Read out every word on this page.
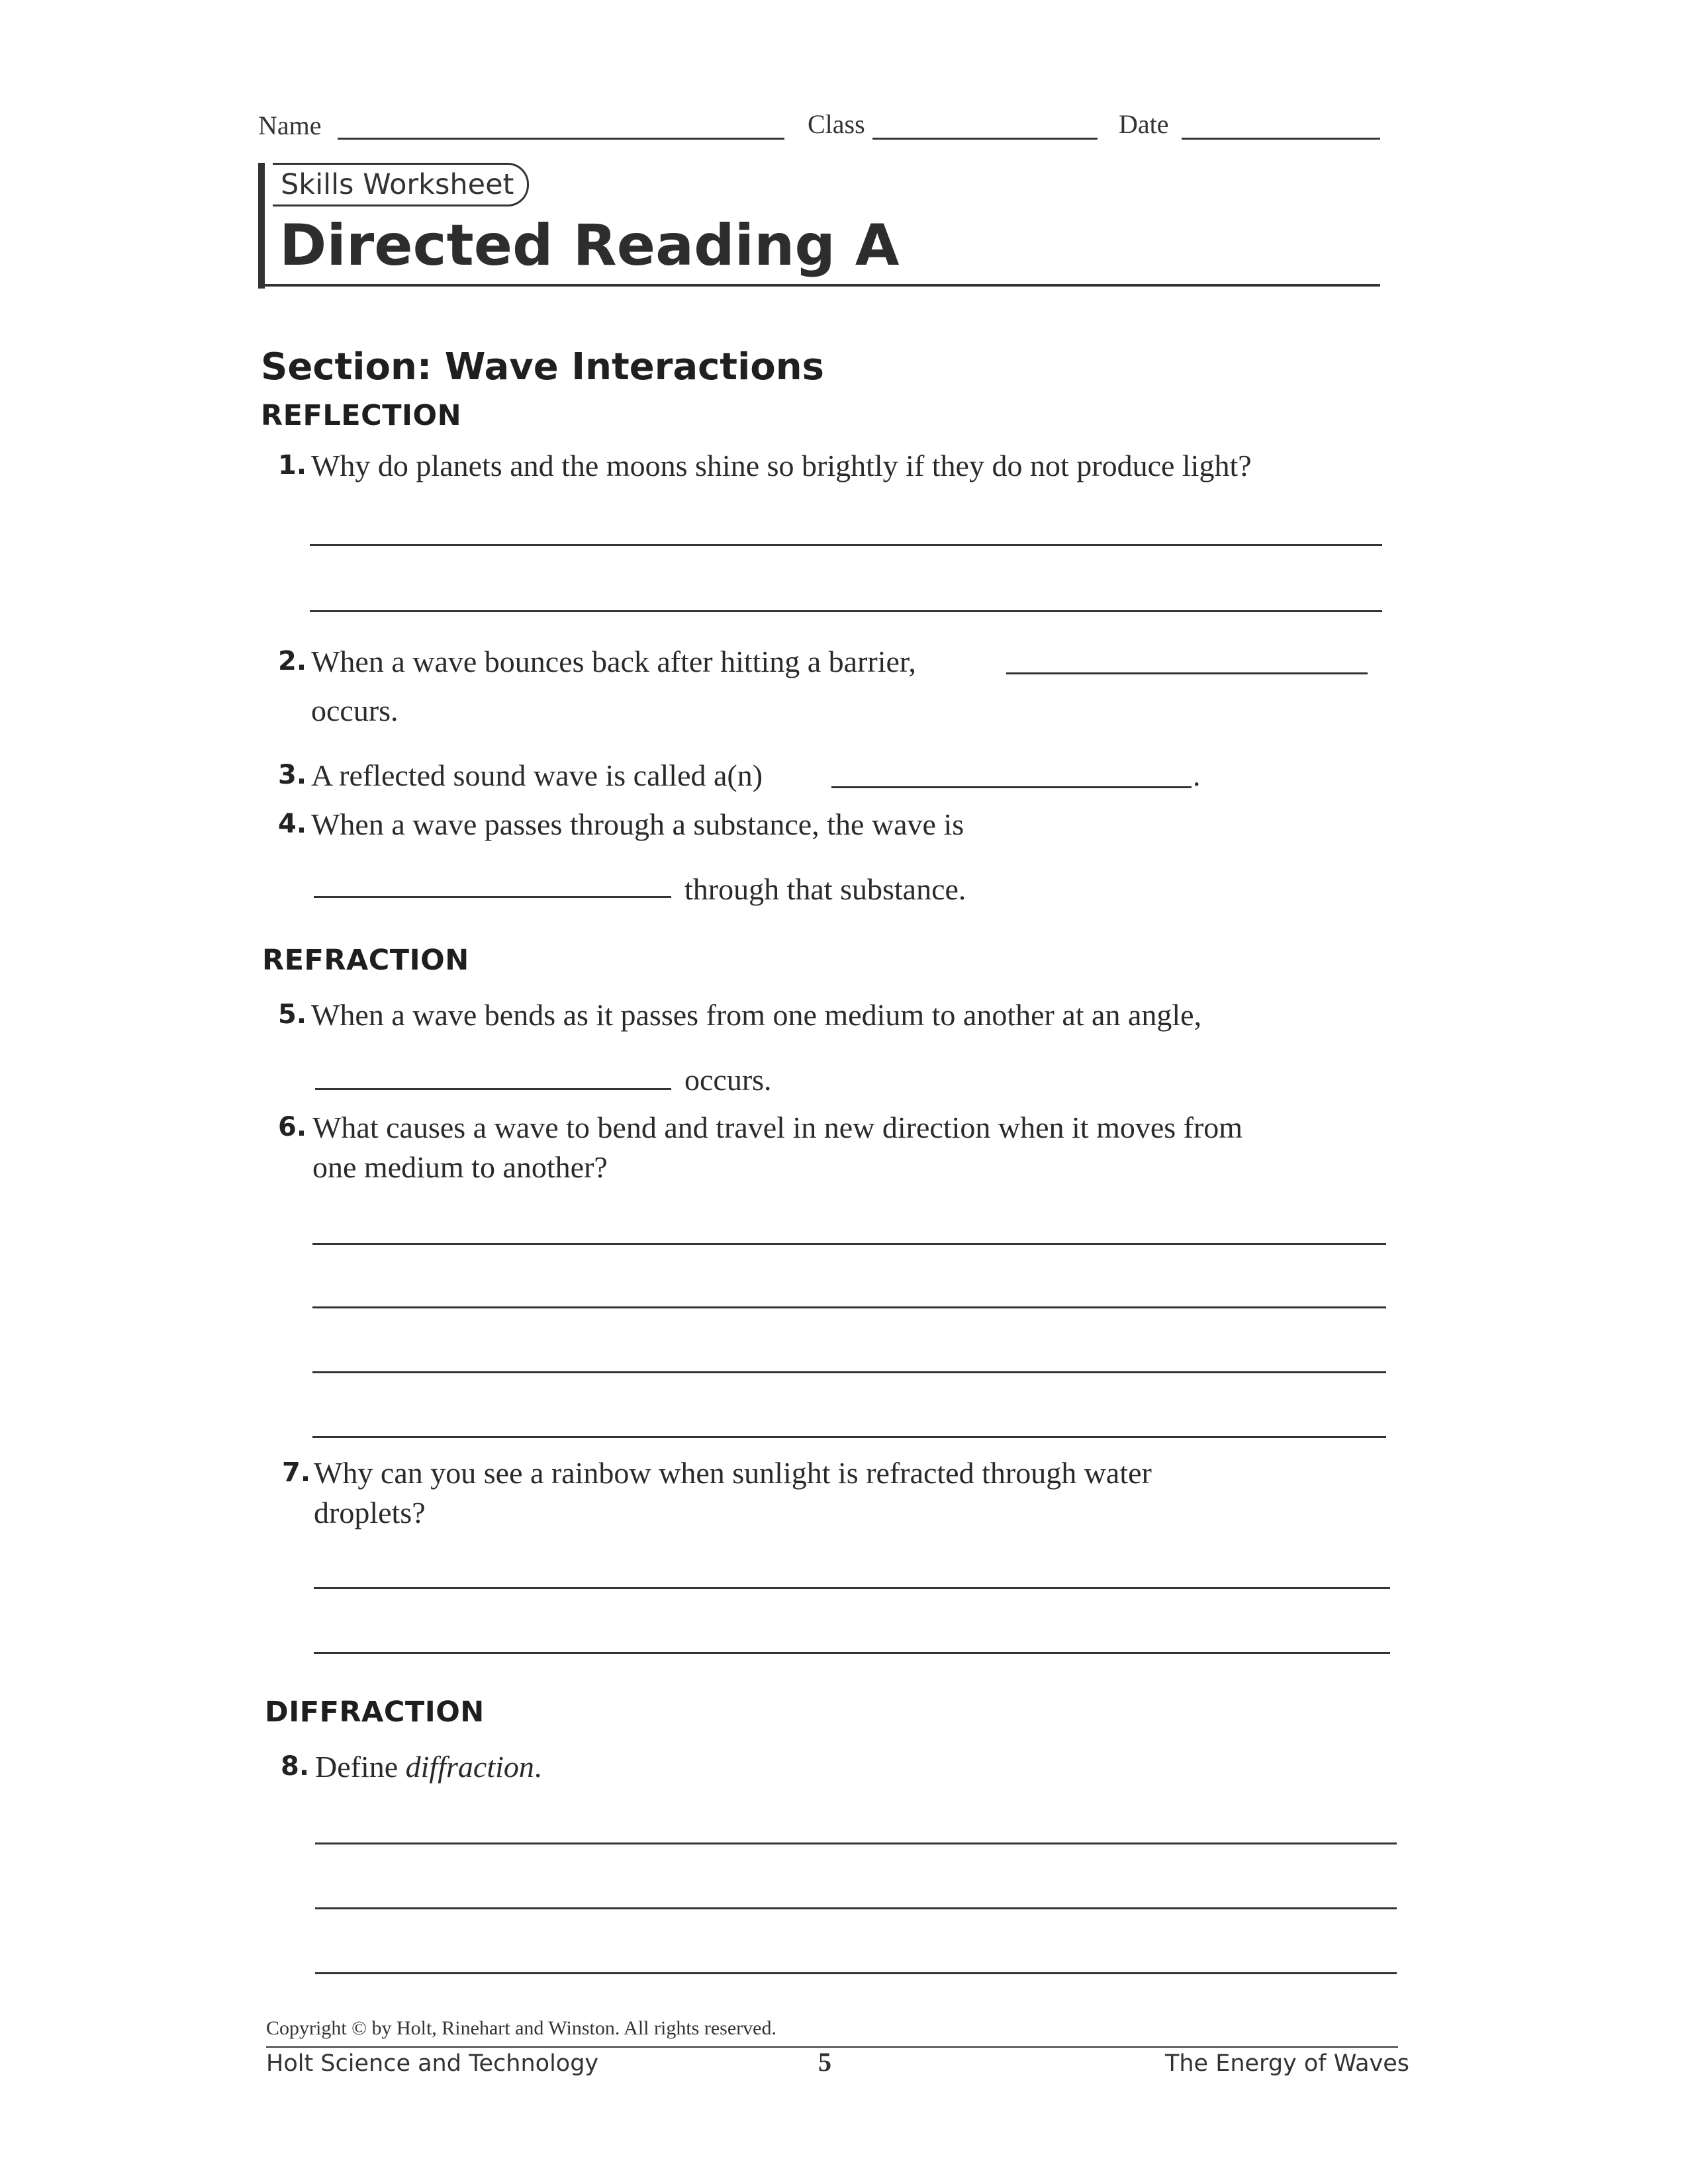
Name	Class	Date
Skills Worksheet
Directed Reading A
Section: Wave Interactions
REFLECTION
1. Why do planets and the moons shine so brightly if they do not produce light?
2. When a wave bounces back after hitting a barrier,
occurs.
3. A reflected sound wave is called a(n)	.
4. When a wave passes through a substance, the wave is
through that substance.
REFRACTION
5. When a wave bends as it passes from one medium to another at an angle,
occurs.
6. What causes a wave to bend and travel in new direction when it moves from
one medium to another?
7. Why can you see a rainbow when sunlight is refracted through water
droplets?
DIFFRACTION
8. Define diffraction.
Copyright © by Holt, Rinehart and Winston. All rights reserved.
Holt Science and Technology	5	The Energy of Waves
